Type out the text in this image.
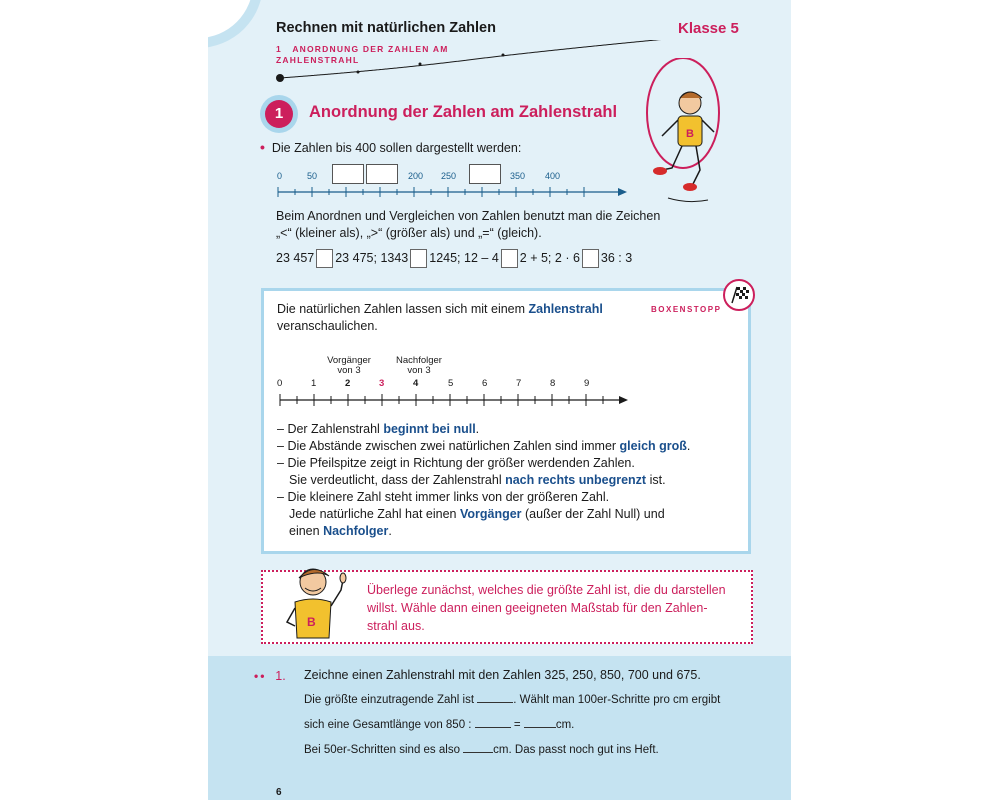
Rechnen mit natürlichen Zahlen	Klasse 5
1 ANORDNUNG DER ZAHLEN AM
ZAHLENSTRAHL
1	Anordnung der Zahlen am Zahlenstrahl
B
• Die Zahlen bis 400 sollen dargestellt werden:
0	50	200 250	350 400
Beim Anordnen und Vergleichen von Zahlen benutzt man die Zeichen
„<“ (kleiner als), „>“ (größer als) und „=“ (gleich).
23 457 23 475; 1343 1245; 12 – 4 2 + 5; 2 · 6 36 : 3
BOXENSTOPP
Die natürlichen Zahlen lassen sich mit einem Zahlenstrahl
veranschaulichen.
Vorgänger
von 3
Nachfolger
von 3
0	1	2	3	4	5	6	7	8	9
– Der Zahlenstrahl beginnt bei null.
– Die Abstände zwischen zwei natürlichen Zahlen sind immer gleich groß.
– Die Pfeilspitze zeigt in Richtung der größer werdenden Zahlen.
Sie verdeutlicht, dass der Zahlenstrahl nach rechts unbegrenzt ist.
– Die kleinere Zahl steht immer links von der größeren Zahl.
Jede natürliche Zahl hat einen Vorgänger (außer der Zahl Null) und
einen Nachfolger.
Überlege zunächst, welches die größte Zahl ist, die du darstellen
willst. Wähle dann einen geeigneten Maßstab für den Zahlen-
strahl aus.
B
•• 1. Zeichne einen Zahlenstrahl mit den Zahlen 325, 250, 850, 700 und 675.
Die größte einzutragende Zahl ist	. Wählt man 100er-Schritte pro cm ergibt
sich eine Gesamtlänge von 850 :	=	cm.
Bei 50er-Schritten sind es also	cm. Das passt noch gut ins Heft.
6
